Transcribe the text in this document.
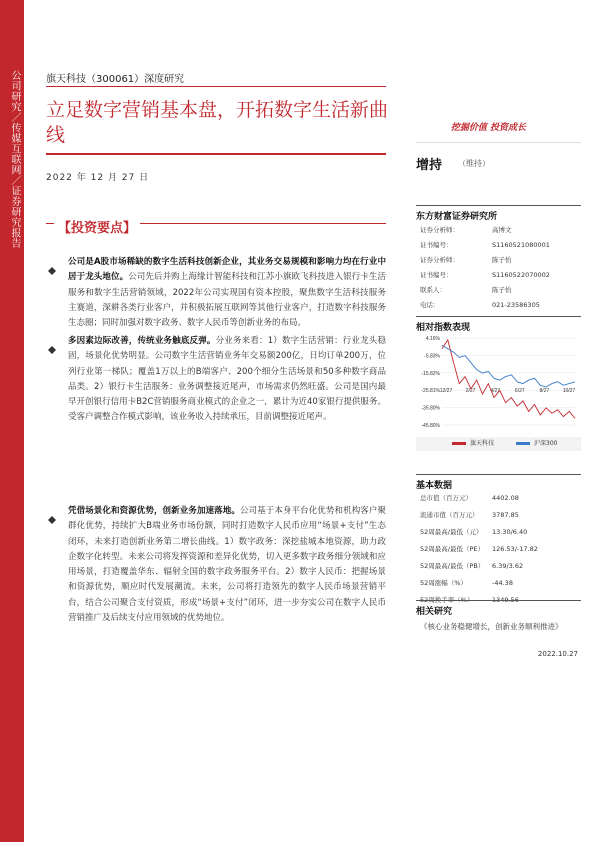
公司研究／传媒互联网／证券研究报告	旗天科技（300061）深度研究
立足数字营销基本盘，开拓数字生活新曲线
2022 年 12 月 27 日
【投资要点】
公司是A股市场稀缺的数字生活科技创新企业，其业务交易规模和影响力均在行业中居于龙头地位。公司先后并购上海缘计智能科技和江苏小旗欧飞科技进入银行卡生活服务和数字生活营销领域，2022年公司实现国有资本控股，聚焦数字生活科技服务主赛道，深耕各类行业客户，并积极拓展互联网等其他行业客户，打造数字科技服务生态圈；同时加强对数字政务、数字人民币等创新业务的布局。
多因素边际改善，传统业务触底反弹。分业务来看：1）数字生活营销：行业龙头稳固，场景化优势明显。公司数字生活营销业务年交易额200亿，日均订单200万，位列行业第一梯队；覆盖1万以上的B端客户、200个细分生活场景和50多种数字商品品类。2）银行卡生活服务：业务调整接近尾声，市场需求仍然旺盛。公司是国内最早开创银行信用卡B2C营销服务商业模式的企业之一，累计为近40家银行提供服务。受客户调整合作模式影响，该业务收入持续承压，目前调整接近尾声。
凭借场景化和资源优势，创新业务加速落地。公司基于本身平台化优势和机构客户聚群化优势，持续扩大B端业务市场份额，同时打造数字人民币应用“场景+支付”生态闭环，未来打造创新业务第二增长曲线。1）数字政务：深挖盐城本地资源，助力政企数字化转型。未来公司将发挥资源和差异化优势，切入更多数字政务细分领域和应用场景，打造覆盖华东、辐射全国的数字政务服务平台。2）数字人民币：把握场景和资源优势，顺应时代发展潮流。未来，公司将打造领先的数字人民币场景营销平台，结合公司聚合支付资质，形成“场景+支付”闭环，进一步夯实公司在数字人民币营销推广及后续支付应用领域的优势地位。
挖掘价值 投资成长
增持 （维持）
东方财富证券研究所
证券分析师：	高博文
证书编号：	S1160521080001
证券分析师：	陈子怡
证书编号：	S1160522070002
联系人：	陈子怡
电话：	021-23586305
相对指数表现
4.16%
-5.83%
-15.82%
-25.81%
-35.80%
-45.80%
12/27	2/27	4/27	6/27	8/27	10/27
旗天科技	沪深300
基本数据
总市值（百万元）	4402.08
流通市值（百万元） 3787.85
52周最高/最低（元） 13.30/6.40
52周最高/最低（PE） 126.53/-17.82
52周最高/最低（PB） 6.39/3.62
52周涨幅（%）	-44.38
52周换手率（%）	1349.56
相关研究
《核心业务稳健增长，创新业务顺利推进》
2022.10.27
